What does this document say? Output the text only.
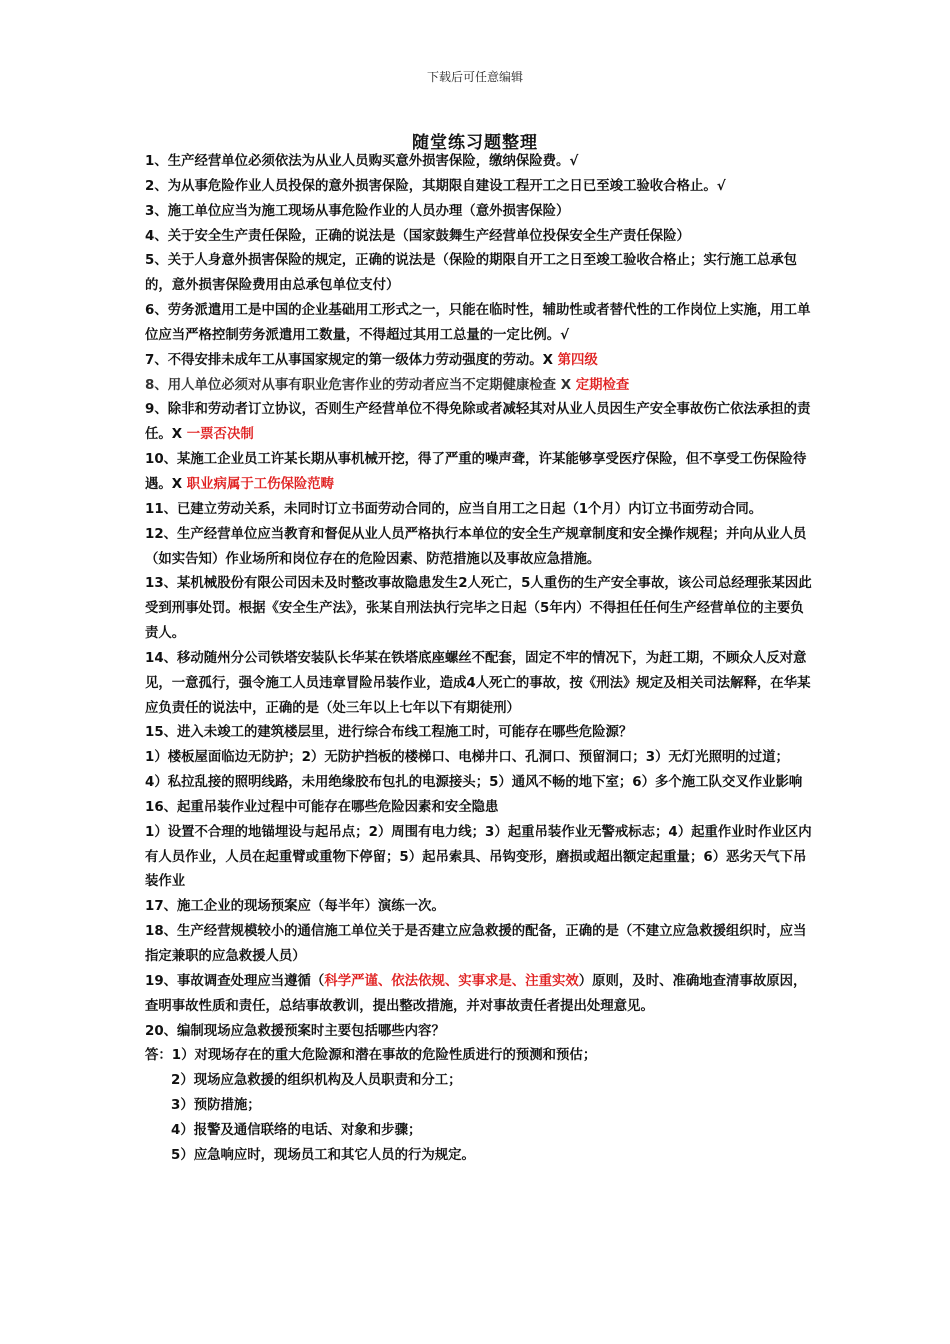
下载后可任意编辑
随堂练习题整理

1、生产经营单位必须依法为从业人员购买意外损害保险，缴纳保险费。√

2、为从事危险作业人员投保的意外损害保险，其期限自建设工程开工之日已至竣工验收合格止。√

3、施工单位应当为施工现场从事危险作业的人员办理（意外损害保险）

4、关于安全生产责任保险，正确的说法是（国家鼓舞生产经营单位投保安全生产责任保险）

5、关于人身意外损害保险的规定，正确的说法是（保险的期限自开工之日至竣工验收合格止；实行施工总承包的，意外损害保险费用由总承包单位支付）

6、劳务派遣用工是中国的企业基础用工形式之一，只能在临时性，辅助性或者替代性的工作岗位上实施，用工单位应当严格控制劳务派遣用工数量，不得超过其用工总量的一定比例。√

7、不得安排未成年工从事国家规定的第一级体力劳动强度的劳动。X 第四级

8、用人单位必须对从事有职业危害作业的劳动者应当不定期健康检查 X 定期检查

9、除非和劳动者订立协议，否则生产经营单位不得免除或者减轻其对从业人员因生产安全事故伤亡依法承担的责任。X 一票否决制

10、某施工企业员工许某长期从事机械开挖，得了严重的噪声聋，许某能够享受医疗保险，但不享受工伤保险待遇。X 职业病属于工伤保险范畴

11、已建立劳动关系，未同时订立书面劳动合同的，应当自用工之日起（1个月）内订立书面劳动合同。

12、生产经营单位应当教育和督促从业人员严格执行本单位的安全生产规章制度和安全操作规程；并向从业人员（如实告知）作业场所和岗位存在的危险因素、防范措施以及事故应急措施。

13、某机械股份有限公司因未及时整改事故隐患发生2人死亡，5人重伤的生产安全事故，该公司总经理张某因此受到刑事处罚。根据《安全生产法》，张某自刑法执行完毕之日起（5年内）不得担任任何生产经营单位的主要负责人。

14、移动随州分公司铁塔安装队长华某在铁塔底座螺丝不配套，固定不牢的情况下，为赶工期，不顾众人反对意见，一意孤行，强令施工人员违章冒险吊装作业，造成4人死亡的事故，按《刑法》规定及相关司法解释，在华某应负责任的说法中，正确的是（处三年以上七年以下有期徒刑）

15、进入未竣工的建筑楼层里，进行综合布线工程施工时，可能存在哪些危险源？

1）楼板屋面临边无防护；2）无防护挡板的楼梯口、电梯井口、孔洞口、预留洞口；3）无灯光照明的过道；

4）私拉乱接的照明线路，未用绝缘胶布包扎的电源接头；5）通风不畅的地下室；6）多个施工队交叉作业影响

16、起重吊装作业过程中可能存在哪些危险因素和安全隐患

1）设置不合理的地锚埋设与起吊点；2）周围有电力线；3）起重吊装作业无警戒标志；4）起重作业时作业区内有人员作业，人员在起重臂或重物下停留；5）起吊索具、吊钩变形，磨损或超出额定起重量；6）恶劣天气下吊装作业

17、施工企业的现场预案应（每半年）演练一次。

18、生产经营规模较小的通信施工单位关于是否建立应急救援的配备，正确的是（不建立应急救援组织时，应当指定兼职的应急救援人员）

19、事故调查处理应当遵循（科学严谨、依法依规、实事求是、注重实效）原则，及时、准确地查清事故原因，查明事故性质和责任，总结事故教训，提出整改措施，并对事故责任者提出处理意见。

20、编制现场应急救援预案时主要包括哪些内容？

答：1）对现场存在的重大危险源和潜在事故的危险性质进行的预测和预估；

2）现场应急救援的组织机构及人员职责和分工；

3）预防措施；

4）报警及通信联络的电话、对象和步骤；

5）应急响应时，现场员工和其它人员的行为规定。
